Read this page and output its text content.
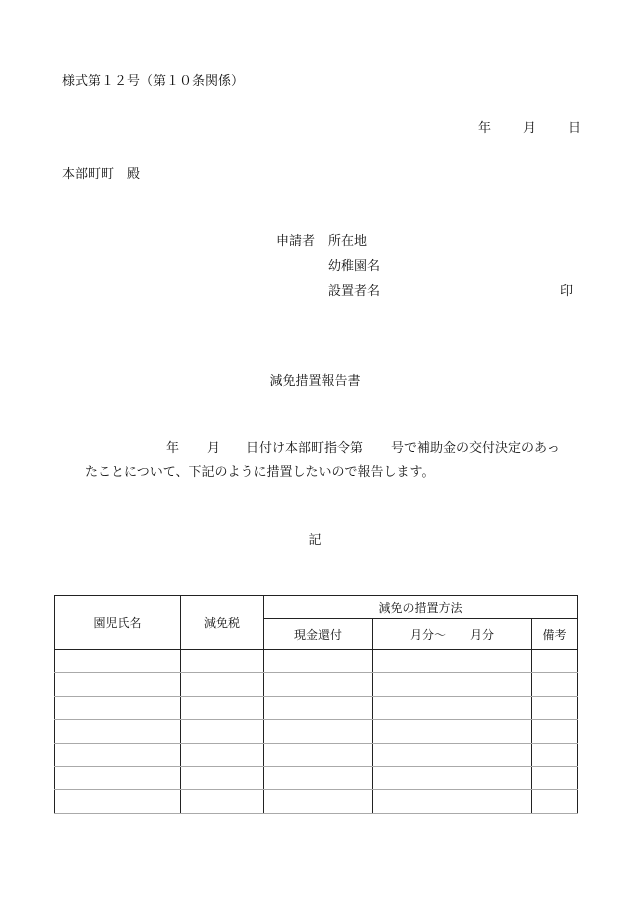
様式第１２号（第１０条関係）
年 月 日
本部町町　殿
申請者 所在地
幼稚園名
設置者名	印
減免措置報告書
年 月 日付け本部町指令第 号で補助金の交付決定のあっ
たことについて、下記のように措置したいので報告します。
記
園児氏名	減免税	減免の措置方法		
		現金還付	月分～　　月分	備考
